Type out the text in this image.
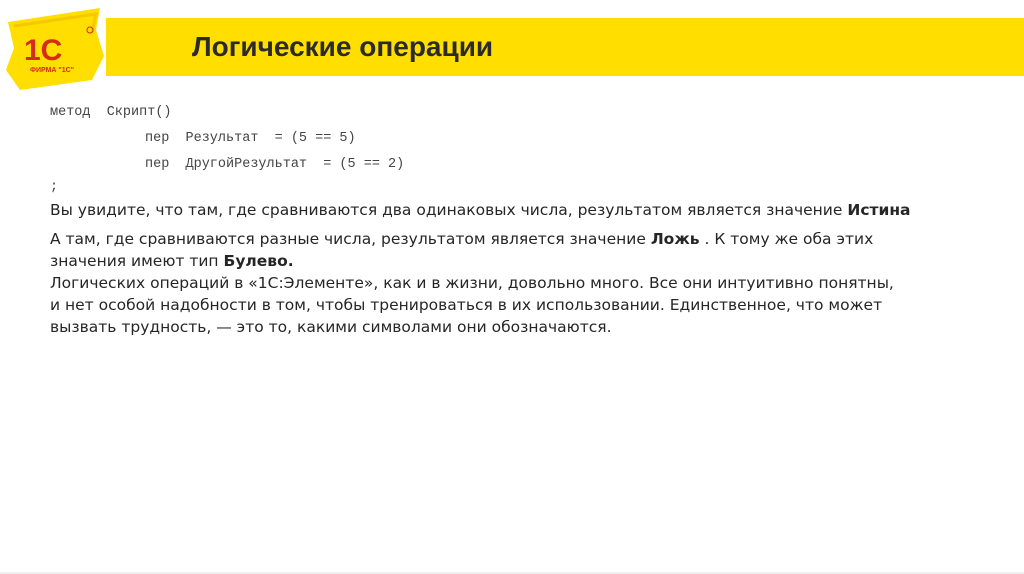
1С
ФИРМА "1С"
Логические операции
метод  Скрипт()
пер  Результат  = (5 == 5)
пер  ДругойРезультат  = (5 == 2)
;
Вы увидите, что там, где сравниваются два одинаковых числа, результатом является значение Истина
А там, где сравниваются разные числа, результатом является значение Ложь . К тому же оба этих
значения имеют тип Булево.
Логических операций в «1С:Элементе», как и в жизни, довольно много. Все они интуитивно понятны,
и нет особой надобности в том, чтобы тренироваться в их использовании. Единственное, что может
вызвать трудность, — это то, какими символами они обозначаются.
